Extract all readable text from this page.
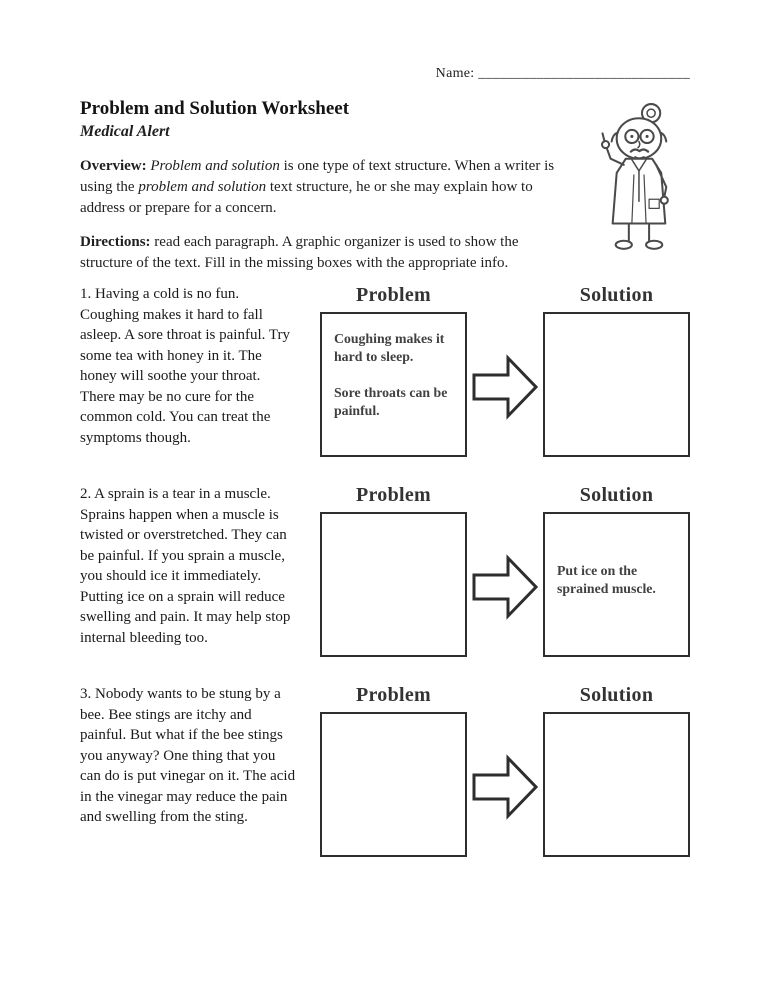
Name: _____________________________
Problem and Solution Worksheet
Medical Alert

Overview: Problem and solution is one type of text structure. When a writer is using the problem and solution text structure, he or she may explain how to address or prepare for a concern.

Directions: read each paragraph. A graphic organizer is used to show the structure of the text. Fill in the missing boxes with the appropriate info.

1. Having a cold is no fun. Coughing makes it hard to fall asleep. A sore throat is painful. Try some tea with honey in it. The honey will soothe your throat. There may be no cure for the common cold. You can treat the symptoms though.

Problem

Coughing makes it hard to sleep.

Sore throats can be painful.

Solution

2. A sprain is a tear in a muscle. Sprains happen when a muscle is twisted or overstretched. They can be painful. If you sprain a muscle, you should ice it immediately. Putting ice on a sprain will reduce swelling and pain. It may help stop internal bleeding too.

Problem	Solution

Put ice on the sprained muscle.

3. Nobody wants to be stung by a bee. Bee stings are itchy and painful. But what if the bee stings you anyway? One thing that you can do is put vinegar on it. The acid in the vinegar may reduce the pain and swelling from the sting.

Problem	Solution
